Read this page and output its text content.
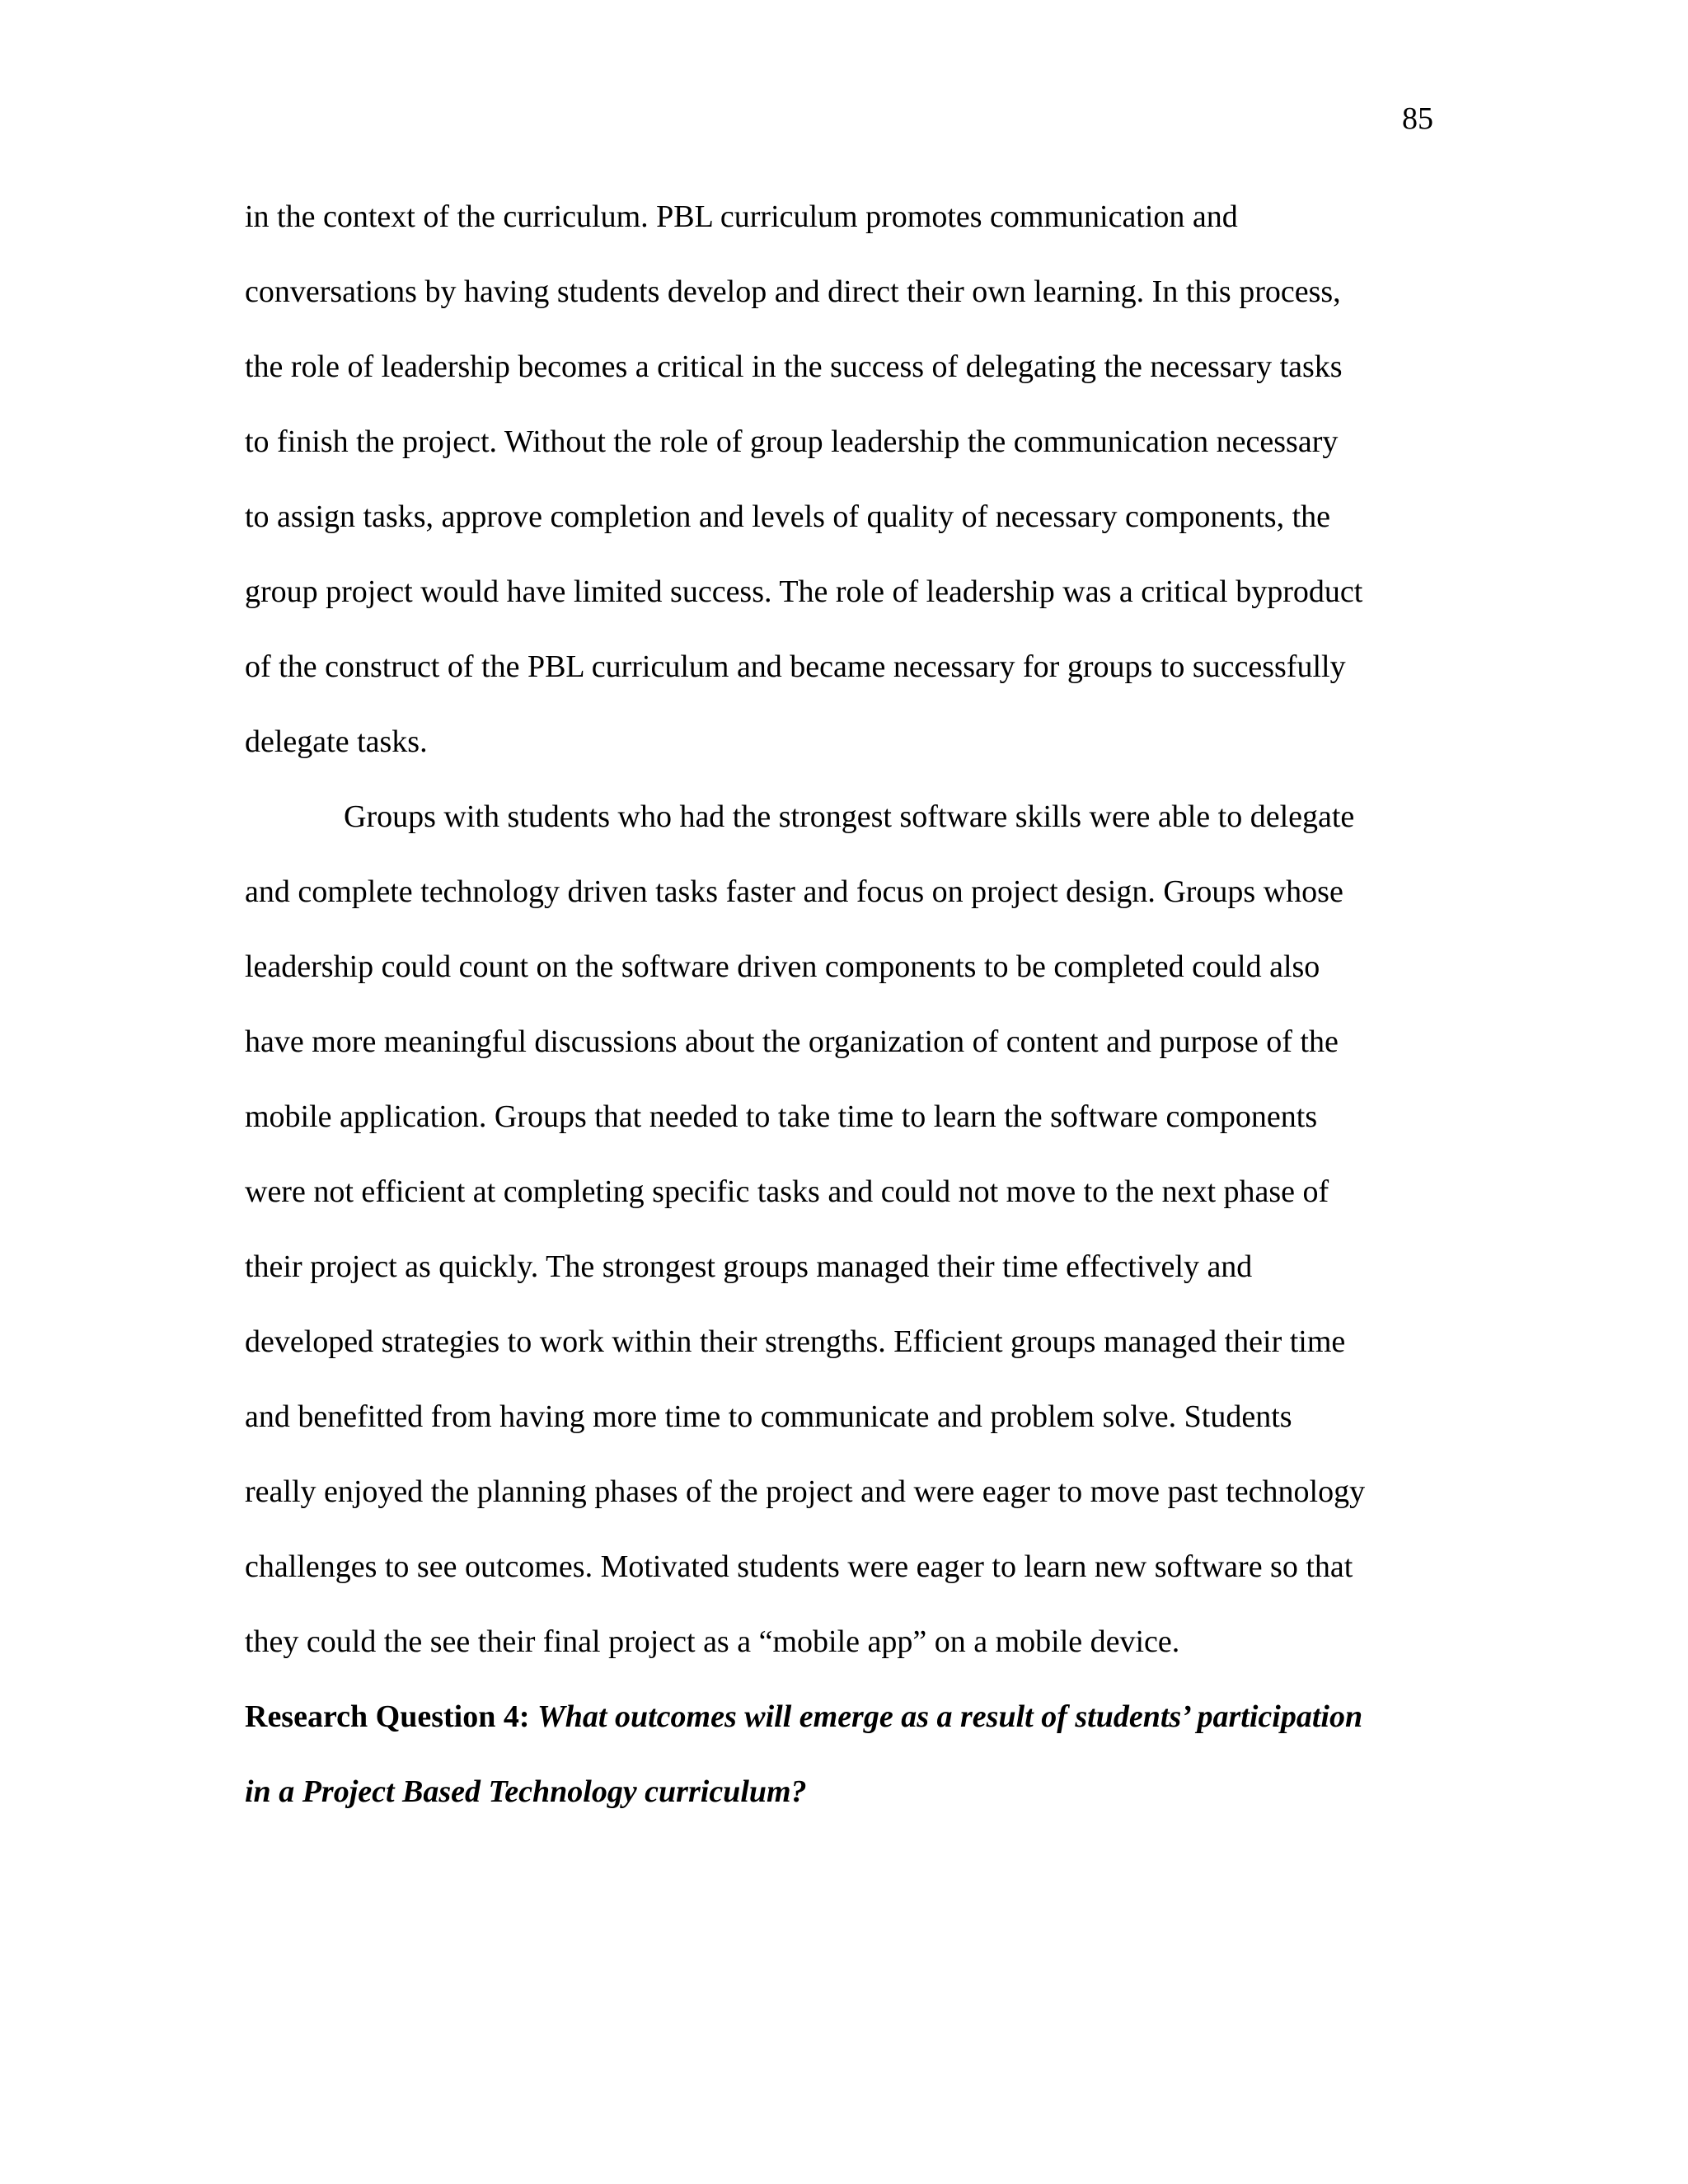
85
in the context of the curriculum. PBL curriculum promotes communication and
conversations by having students develop and direct their own learning. In this process,
the role of leadership becomes a critical in the success of delegating the necessary tasks
to finish the project. Without the role of group leadership the communication necessary
to assign tasks, approve completion and levels of quality of necessary components, the
group project would have limited success. The role of leadership was a critical byproduct
of the construct of the PBL curriculum and became necessary for groups to successfully
delegate tasks.
Groups with students who had the strongest software skills were able to delegate
and complete technology driven tasks faster and focus on project design. Groups whose
leadership could count on the software driven components to be completed could also
have more meaningful discussions about the organization of content and purpose of the
mobile application. Groups that needed to take time to learn the software components
were not efficient at completing specific tasks and could not move to the next phase of
their project as quickly. The strongest groups managed their time effectively and
developed strategies to work within their strengths. Efficient groups managed their time
and benefitted from having more time to communicate and problem solve. Students
really enjoyed the planning phases of the project and were eager to move past technology
challenges to see outcomes. Motivated students were eager to learn new software so that
they could the see their final project as a “mobile app” on a mobile device.
Research Question 4: What outcomes will emerge as a result of students’ participation
in a Project Based Technology curriculum?
